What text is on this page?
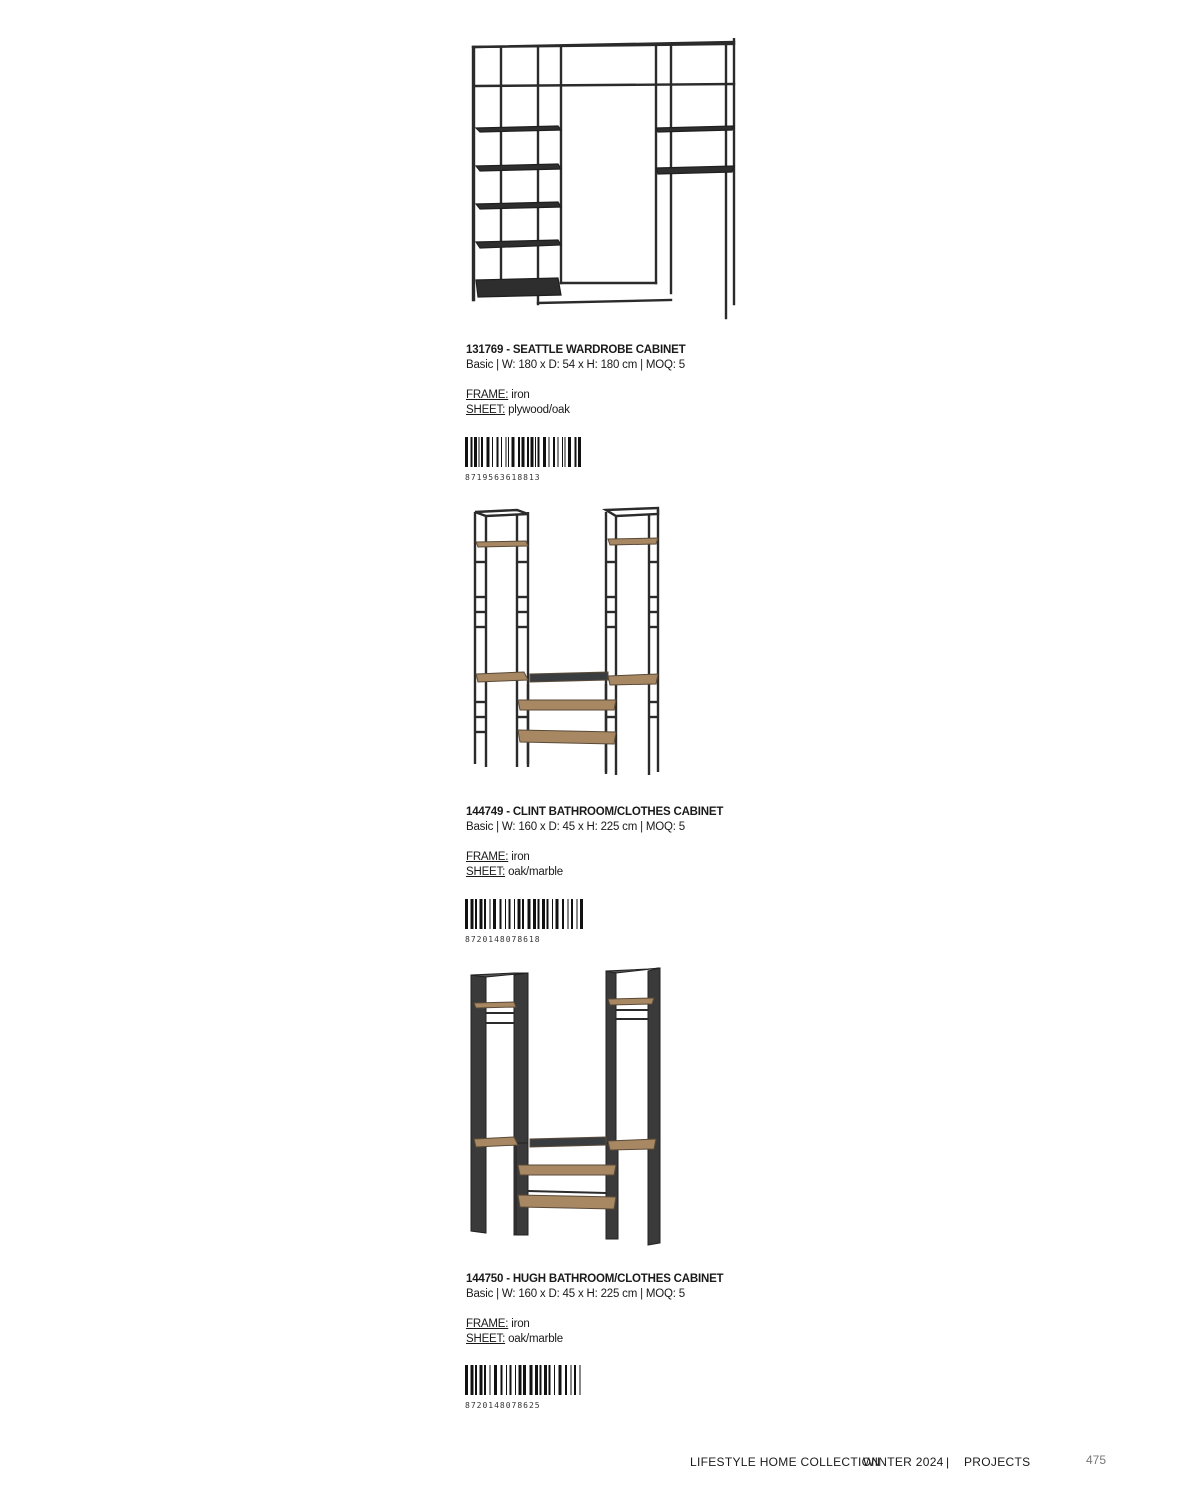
131769 - SEATTLE WARDROBE CABINET
Basic | W: 180 x D: 54 x H: 180 cm | MOQ: 5
FRAME: iron
SHEET: plywood/oak
8719563618813
144749 - CLINT BATHROOM/CLOTHES CABINET
Basic | W: 160 x D: 45 x H: 225 cm | MOQ: 5
FRAME: iron
SHEET: oak/marble
8720148078618
144750 - HUGH BATHROOM/CLOTHES CABINET
Basic | W: 160 x D: 45 x H: 225 cm | MOQ: 5
FRAME: iron
SHEET: oak/marble
8720148078625
LIFESTYLE HOME COLLECTION
WINTER 2024 | PROJECTS	475
